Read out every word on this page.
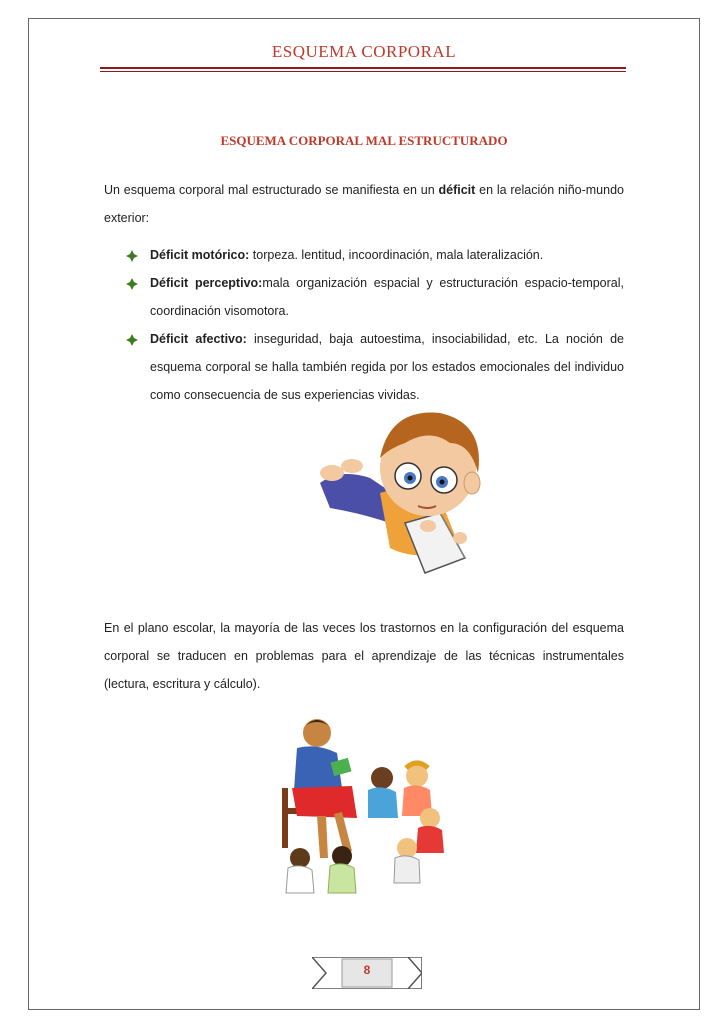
ESQUEMA CORPORAL
ESQUEMA CORPORAL MAL ESTRUCTURADO

Un esquema corporal mal estructurado se manifiesta en un déficit en la relación niño-mundo exterior:

Déficit motórico: torpeza. lentitud, incoordinación, mala lateralización.
Déficit perceptivo:mala organización espacial y estructuración espacio-temporal, coordinación visomotora.
Déficit afectivo: inseguridad, baja autoestima, insociabilidad, etc. La noción de esquema corporal se halla también regida por los estados emocionales del individuo como consecuencia de sus experiencias vividas.

En el plano escolar, la mayoría de las veces los trastornos en la configuración del esquema corporal se traducen en problemas para el aprendizaje de las técnicas instrumentales (lectura, escritura y cálculo).

8
